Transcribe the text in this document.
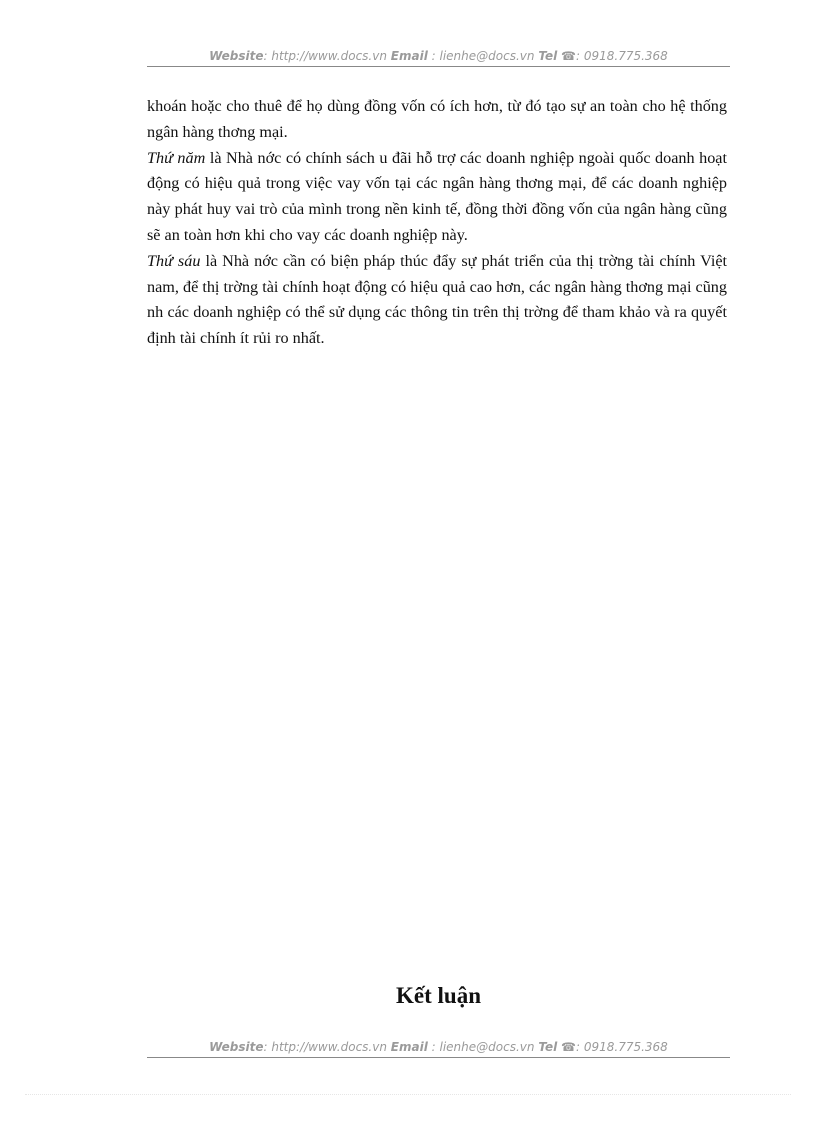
Website: http://www.docs.vn Email : lienhe@docs.vn Tel ☎: 0918.775.368

khoán hoặc cho thuê để họ dùng đồng vốn có ích hơn, từ đó tạo sự an toàn cho hệ thống ngân hàng thơng mại.

Thứ năm là Nhà nớc có chính sách u đãi hỗ trợ các doanh nghiệp ngoài quốc doanh hoạt động có hiệu quả trong việc vay vốn tại các ngân hàng thơng mại, để các doanh nghiệp này phát huy vai trò của mình trong nền kinh tế, đồng thời đồng vốn của ngân hàng cũng sẽ an toàn hơn khi cho vay các doanh nghiệp này.

Thứ sáu là Nhà nớc cần có biện pháp thúc đẩy sự phát triển của thị trờng tài chính Việt nam, để thị trờng tài chính hoạt động có hiệu quả cao hơn, các ngân hàng thơng mại cũng nh các doanh nghiệp có thể sử dụng các thông tin trên thị trờng để tham khảo và ra quyết định tài chính ít rủi ro nhất.

Kết luận
Website: http://www.docs.vn Email : lienhe@docs.vn Tel ☎: 0918.775.368
